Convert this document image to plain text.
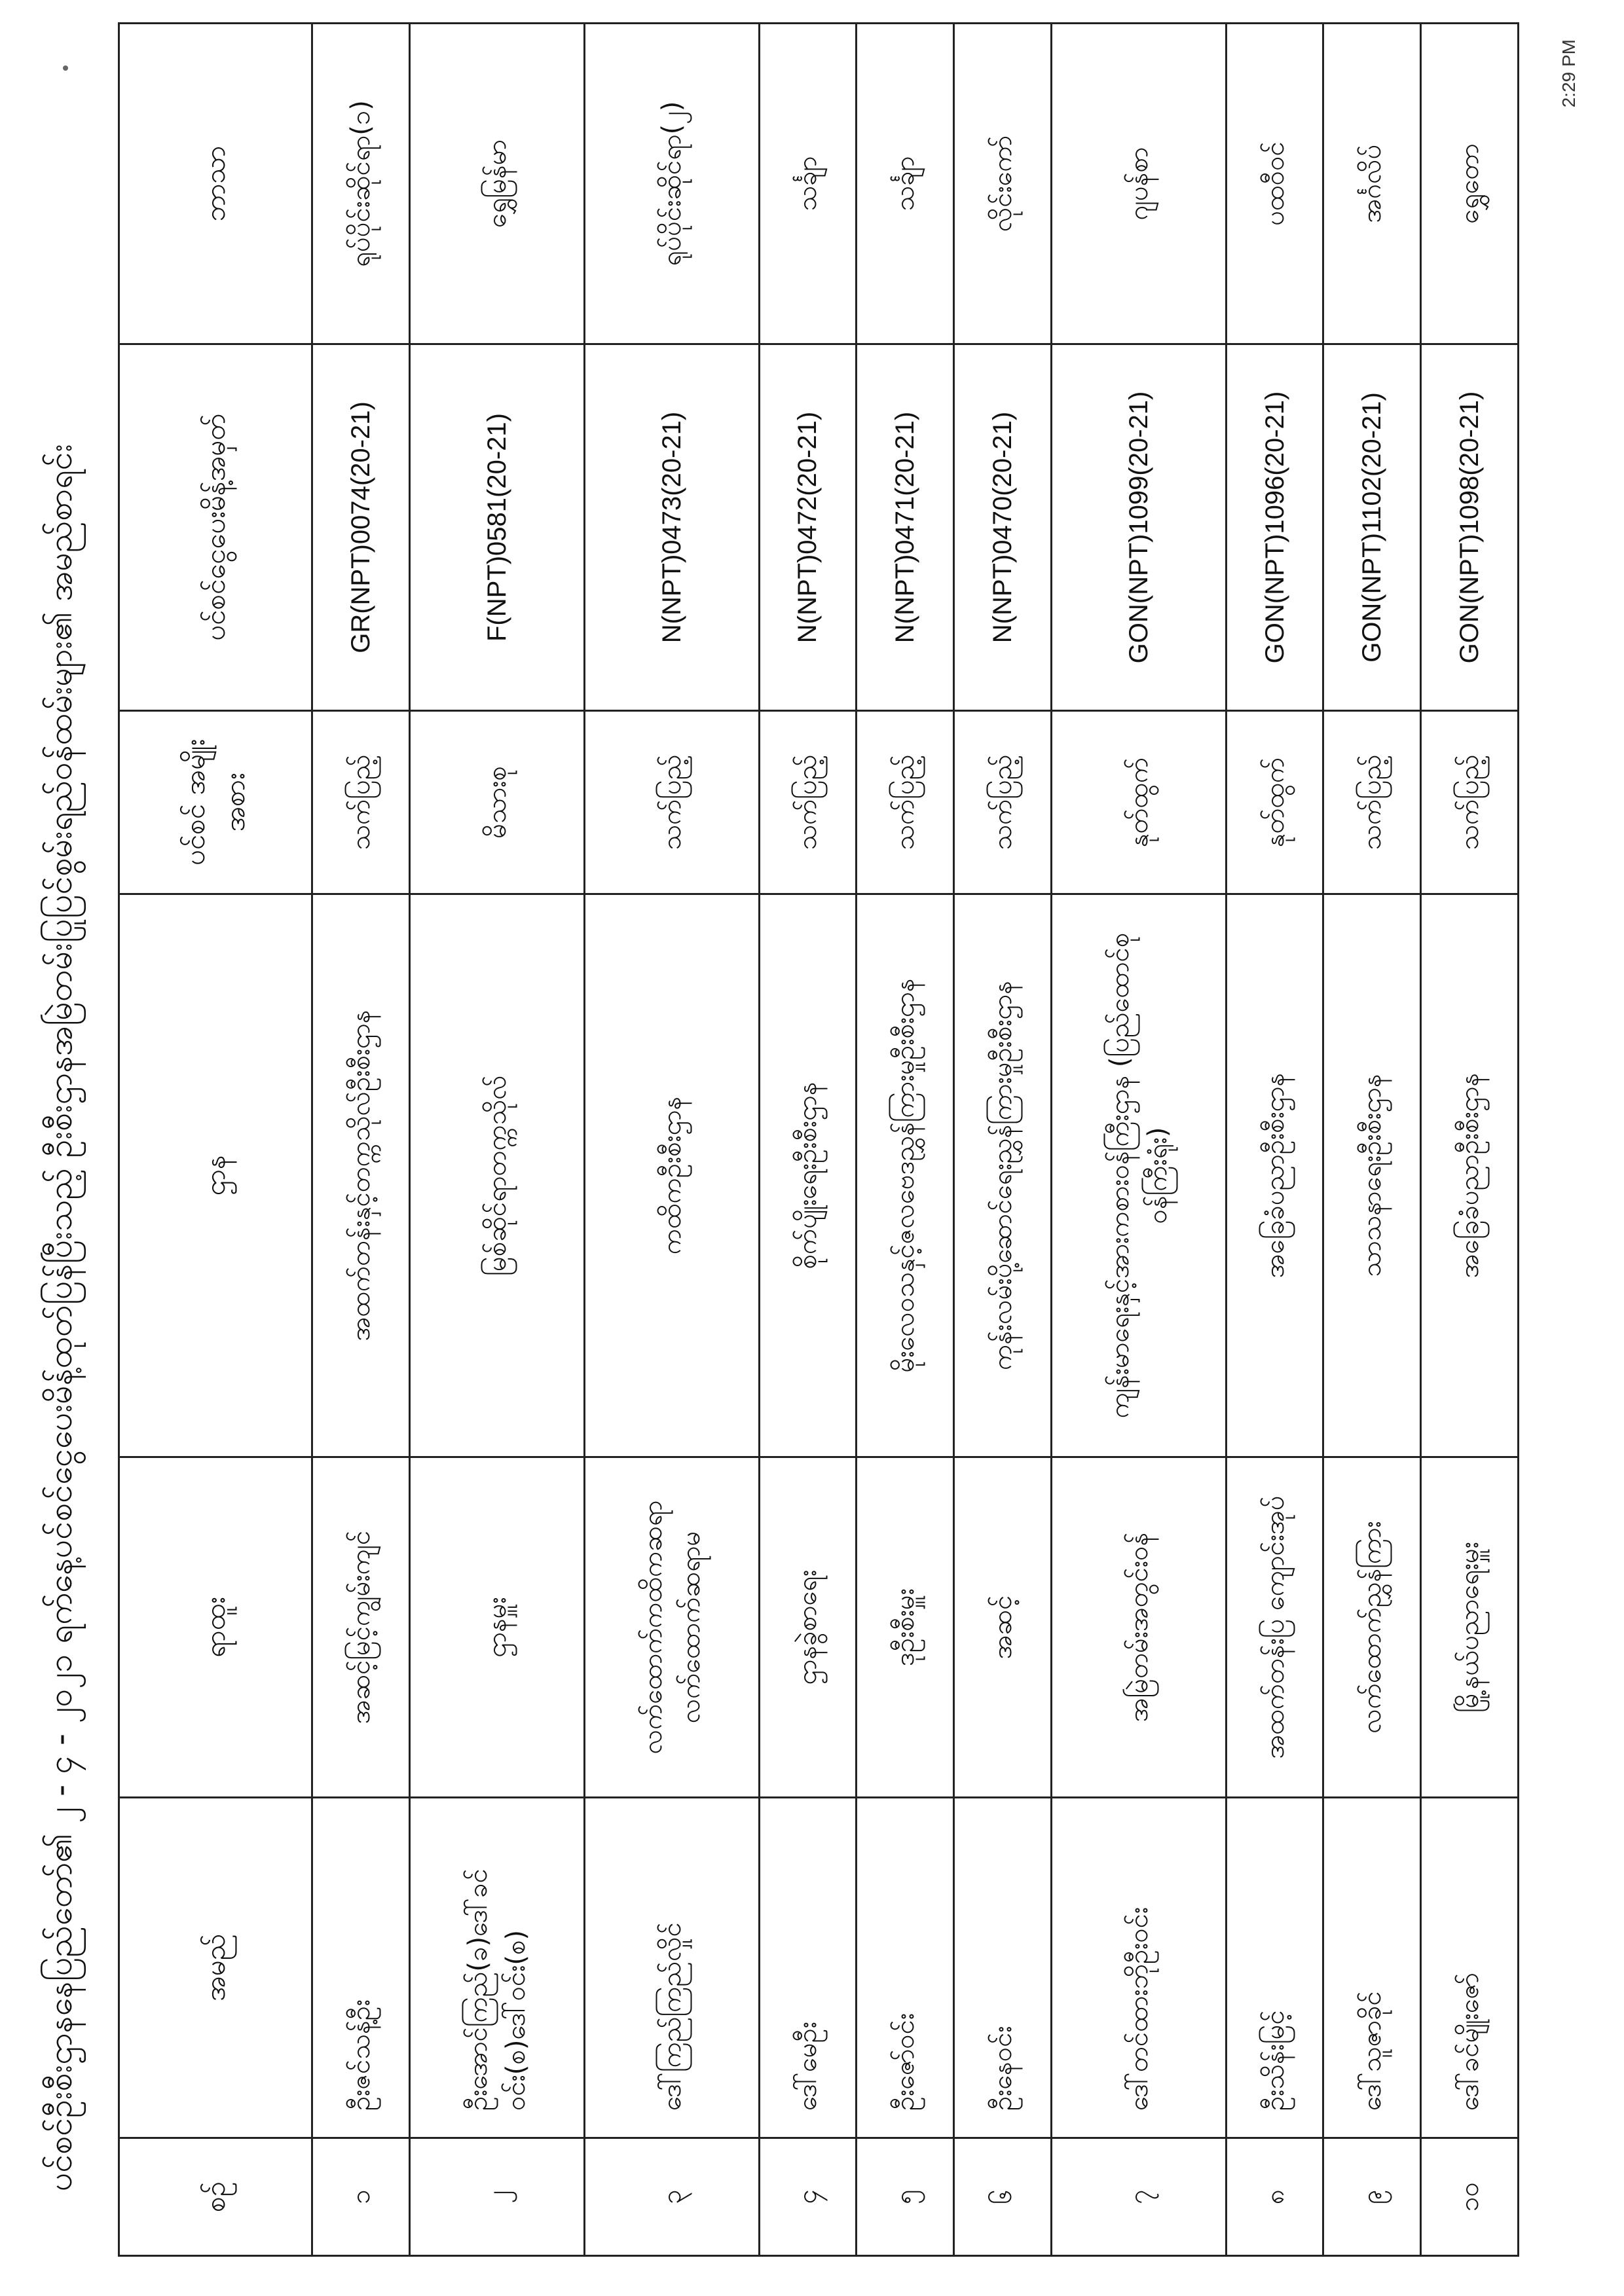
ပင်စင်ဦးစီးဌာနနေပြည်တော်၏ ၂ - ၄ - ၂၀၂၁ ရက်နေ့ပင်စင်ငွေပေးမိန့်ထုတ်ပြန်ပြီးသည့် ဦးစီးဌာနအမြဲတမ်းပြုပြင်စွမ်းရည်ဝန်ထမ်းများ၏ အမည်စာရင်း
စဉ်	အမည်	ရာထူး	ဌာန	ပင်စင် အမျိုးအစား	ပင်စင်ငွေပေးမိန့်အမှတ်	ဘာသာ
၁	ဦးဇင်သန့်ဦး	အဆင့်မြင့်ကျွမ်းကျင်	အထက်တန်းနှင့်တက္ကသိုလ်ဦးစီးဌာန	သက်ပြည့်	GR(NPT)0074(20-21)	ရုပ်ပိုင်းဆိုင်ရာ(၁)
၂	ဦးအောင်ကြည်(ခ)ဒေါ်ခင်ဝင်း(စ)ဒေါ်ဝင်း(စ)	ဌာနမှူး	မြစ်ဆိုင်ရာတက္ကသိုလ်	မိသားစု	F(NPT)0581(20-21)	ရွှေမြန်မာ
၃	ဒေါ်ကြည်ကြည်လှိုင်	လက်ထောက်ကထိကဆရာ လက်ထောက်ဆရာမ	ကထိကဦးစီးဌာန	သက်ပြည့်	N(NPT)0473(20-21)	ရုပ်ပိုင်းဆိုင်ရာ(၂)
၄	ဒေါ်မေဦး	ဌာနခွဲစာရေး	စိုက်ပျိုးရေးဦးစီးဌာန	သက်ပြည့်	N(NPT)0472(20-21)	သင်္ချာ
၅	ဦးဇော်ဝင်း	ဒုဦးစီးမှူး	မိုးလေဝသနှင့်ဇလဗေဒညွှန်ကြားမှုဦးစီးဌာန	သက်ပြည့်	N(NPT)0471(20-21)	သင်္ချာ
၆	ဦးနေဝင်း	အဆင့်	ကုန်းလမ်းပို့ဆောင်ရေးညွှန်ကြားမှုဦးစီးဌာန	သက်ပြည့်	N(NPT)0470(20-21)	လိုင်းကော်
၇	ဒေါ်တင်ထားဘိုဦးဝင်း	အမြဲတမ်းအတွင်းဝန်	ကျန်းမာရေးနှင့်အားကစားဝန်ကြီးဌာန (ပြည်ထောင်စုဝန်ကြီးရုံး)	နုတ်ထွက်	GON(NPT)1099(20-21)	ဂျပန်စာ
၈	ဦးသိန်းမြင့်	အထက်တန်းပြ ကျောင်းအုပ်	အခြေခံပညာဦးစီးဌာန	နုတ်ထွက်	GON(NPT)1096(20-21)	ပထဝီဝင်
၉	ဒေါ်သူဇာခိုင်	လက်ထောက်ညွှန်ကြား	သာသနာရေးဦးစီးဌာန	သက်ပြည့်	GON(NPT)1102(20-21)	အင်္ဂလိပ်
၁၀	ဒေါ်ခင်မျိုးဇော်	မြို့နယ်ပညာရေးမှူး	အခြေခံပညာဦးစီးဌာန	သက်ပြည့်	GON(NPT)1098(20-21)	ရွှေတော
2:29 PM
